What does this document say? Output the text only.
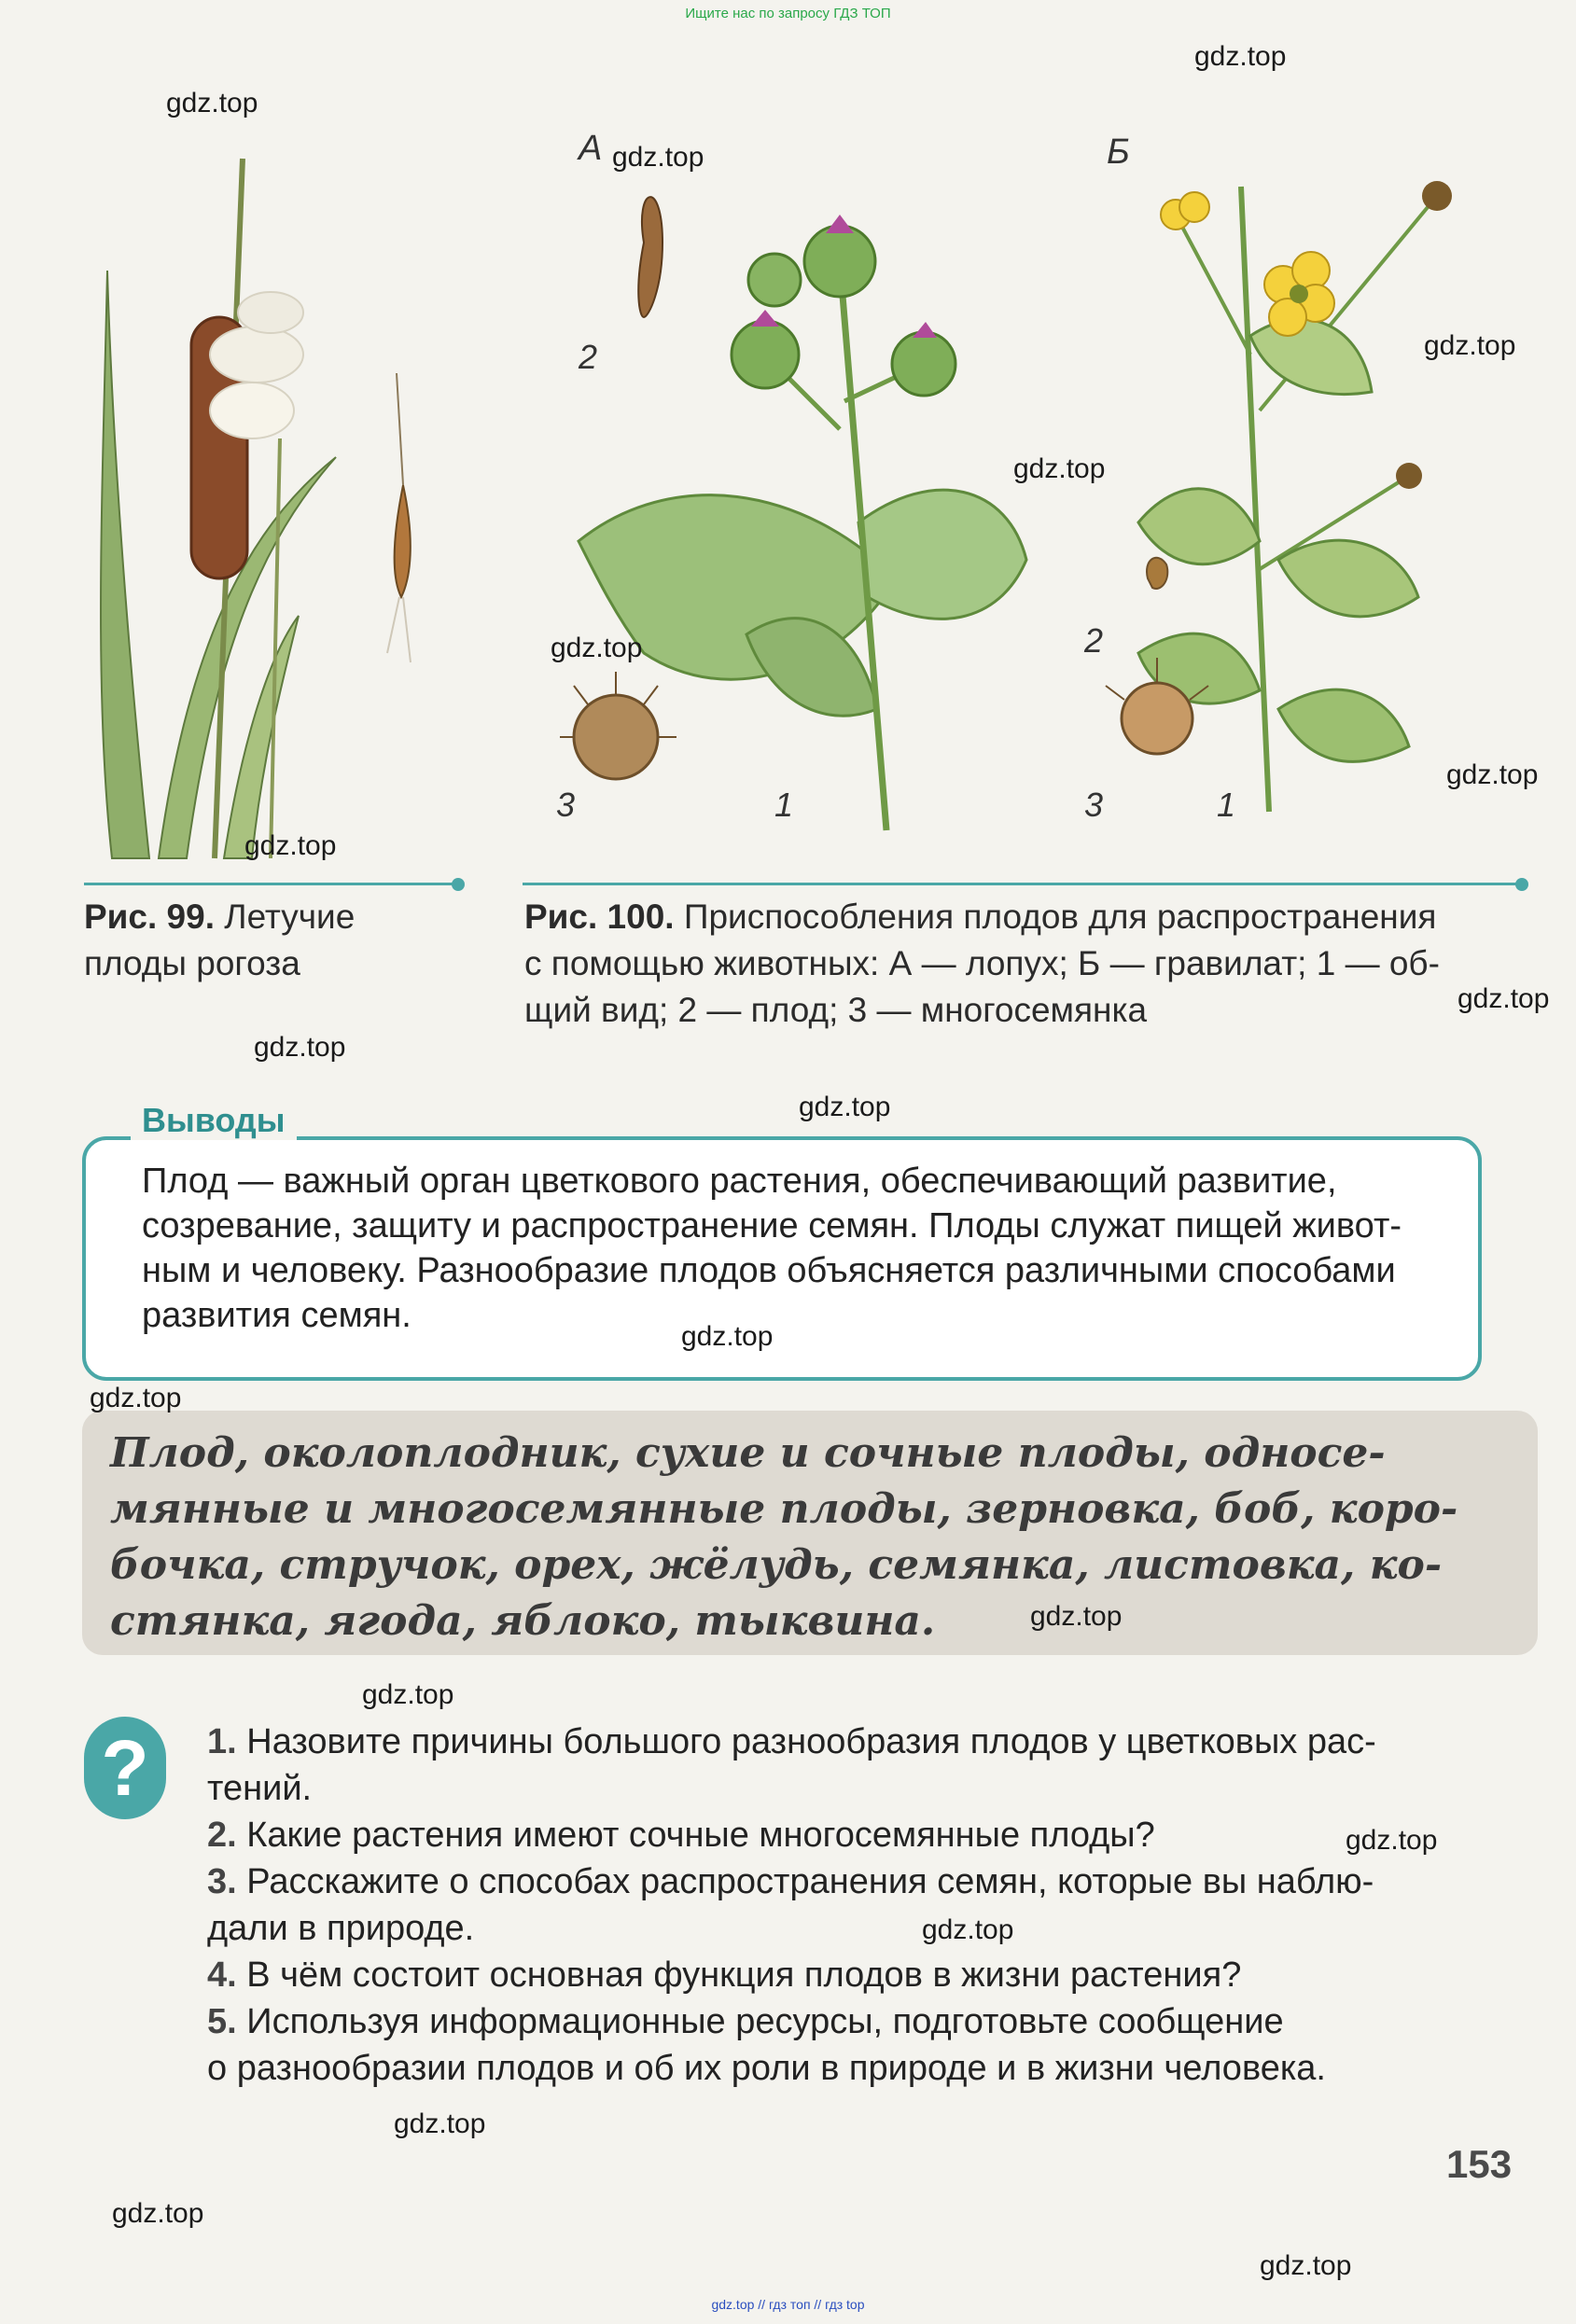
Ищите нас по запросу ГДЗ ТОП
gdz.top // гдз топ // гдз top
А	Б
2
3	1
2
3	1
Рис. 99. Летучие
плоды рогоза
Рис. 100. Приспособления плодов для распространения
с помощью животных: А — лопух; Б — гравилат; 1 — об-
щий вид; 2 — плод; 3 — многосемянка
Выводы
Плод — важный орган цветкового растения, обеспечивающий развитие,
созревание, защиту и распространение семян. Плоды служат пищей живот-
ным и человеку. Разнообразие плодов объясняется различными способами
развития семян.
Плод, околоплодник, сухие и сочные плоды, односе-
мянные и многосемянные плоды, зерновка, боб, коро-
бочка, стручок, орех, жёлудь, семянка, листовка, ко-
стянка, ягода, яблоко, тыквина.
?	1. Назовите причины большого разнообразия плодов у цветковых рас-
тений.
2. Какие растения имеют сочные многосемянные плоды?
3. Расскажите о способах распространения семян, которые вы наблю-
дали в природе.
4. В чём состоит основная функция плодов в жизни растения?
5. Используя информационные ресурсы, подготовьте сообщение
о разнообразии плодов и об их роли в природе и в жизни человека.
153
gdz.top
gdz.top
gdz.top
gdz.top
gdz.top
gdz.top
gdz.top
gdz.top
gdz.top
gdz.top
gdz.top
gdz.top
gdz.top
gdz.top
gdz.top
gdz.top
gdz.top
gdz.top
gdz.top
gdz.top
